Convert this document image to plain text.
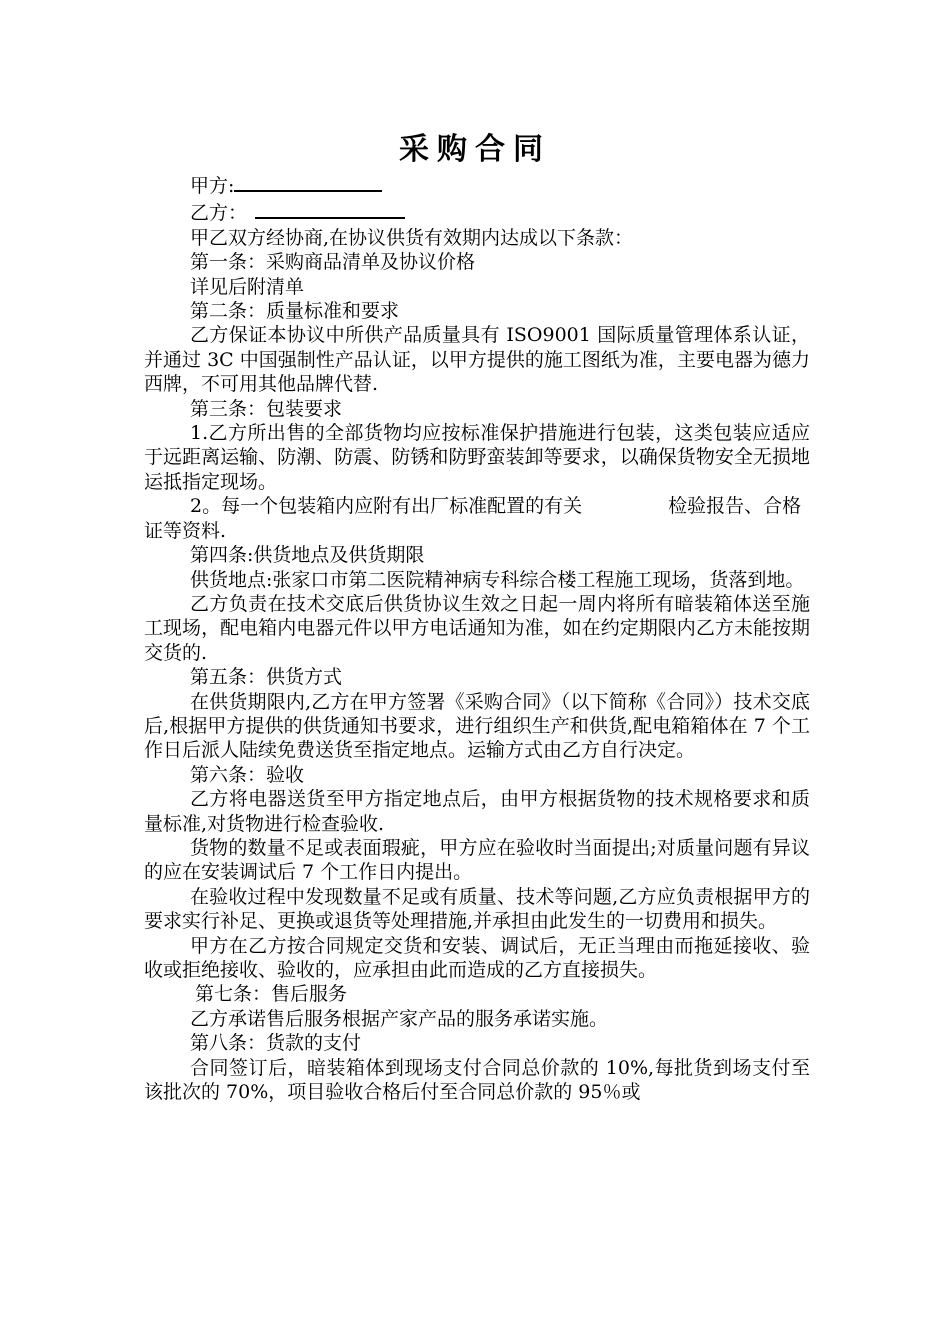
采购合同

甲方:

乙方：

甲乙双方经协商,在协议供货有效期内达成以下条款：

第一条：采购商品清单及协议价格

详见后附清单

第二条：质量标准和要求

乙方保证本协议中所供产品质量具有 ISO9001 国际质量管理体系认证，并通过 3C 中国强制性产品认证，以甲方提供的施工图纸为准，主要电器为德力西牌，不可用其他品牌代替.

第三条：包装要求

1.乙方所出售的全部货物均应按标准保护措施进行包装，这类包装应适应于远距离运输、防潮、防震、防锈和防野蛮装卸等要求，以确保货物安全无损地运抵指定现场。

2。每一个包装箱内应附有出厂标准配置的有关	检验报告、合格证等资料.

第四条:供货地点及供货期限

供货地点:张家口市第二医院精神病专科综合楼工程施工现场，货落到地。

乙方负责在技术交底后供货协议生效之日起一周内将所有暗装箱体送至施工现场，配电箱内电器元件以甲方电话通知为准，如在约定期限内乙方未能按期交货的.

第五条：供货方式

在供货期限内,乙方在甲方签署《采购合同》（以下简称《合同》）技术交底后,根据甲方提供的供货通知书要求，进行组织生产和供货,配电箱箱体在 7 个工作日后派人陆续免费送货至指定地点。运输方式由乙方自行决定。

第六条：验收

乙方将电器送货至甲方指定地点后，由甲方根据货物的技术规格要求和质量标准,对货物进行检查验收.

货物的数量不足或表面瑕疵，甲方应在验收时当面提出;对质量问题有异议的应在安装调试后 7 个工作日内提出。

在验收过程中发现数量不足或有质量、技术等问题,乙方应负责根据甲方的要求实行补足、更换或退货等处理措施,并承担由此发生的一切费用和损失。

甲方在乙方按合同规定交货和安装、调试后，无正当理由而拖延接收、验收或拒绝接收、验收的，应承担由此而造成的乙方直接损失。

第七条：售后服务

乙方承诺售后服务根据产家产品的服务承诺实施。

第八条：货款的支付

合同签订后，暗装箱体到现场支付合同总价款的 10%,每批货到场支付至该批次的 70%，项目验收合格后付至合同总价款的 95％或
